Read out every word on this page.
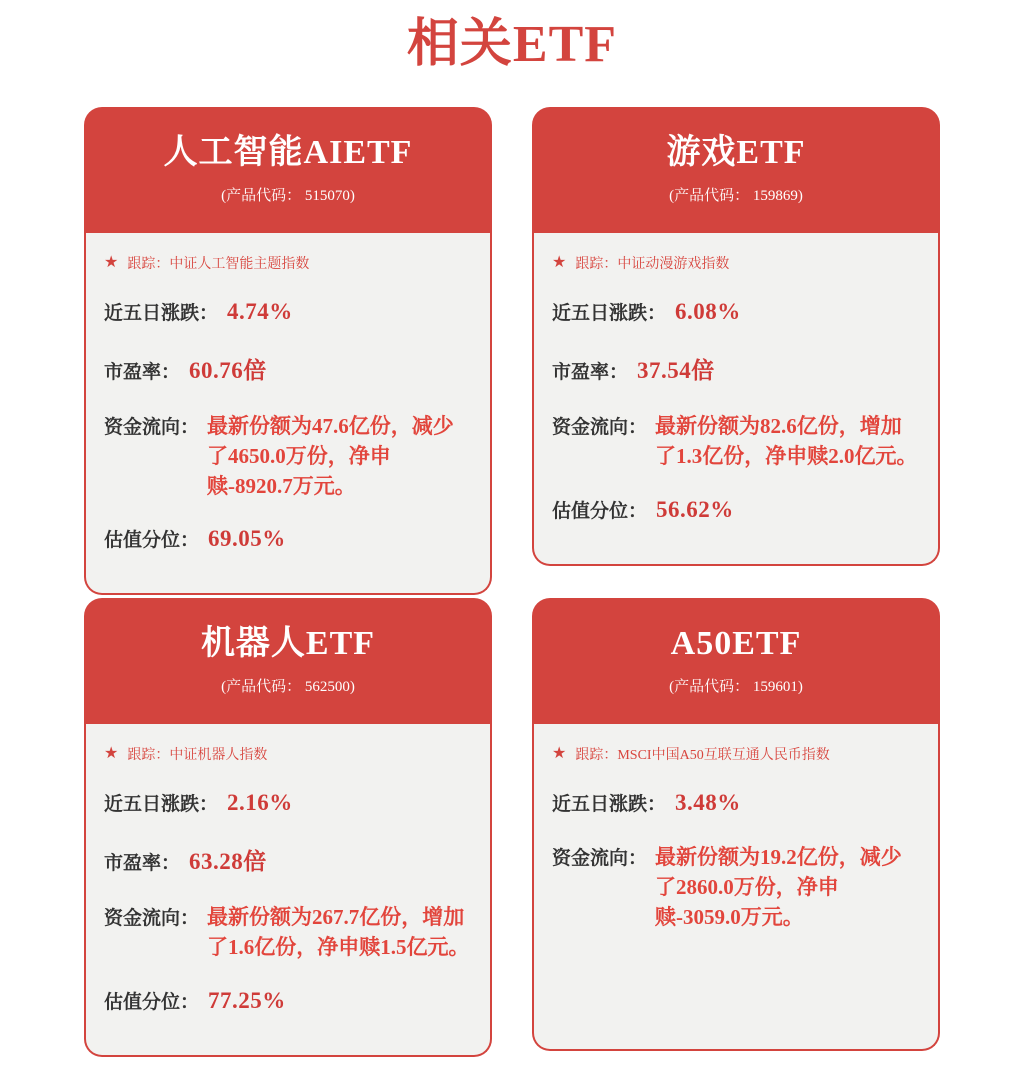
相关ETF
人工智能AIETF
(产品代码： 515070)
★ 跟踪： 中证人工智能主题指数
近五日涨跌： 4.74%
市盈率： 60.76倍
资金流向： 最新份额为47.6亿份，减少了4650.0万份，净申赎-8920.7万元。
估值分位： 69.05%
游戏ETF
(产品代码： 159869)
★ 跟踪： 中证动漫游戏指数
近五日涨跌： 6.08%
市盈率： 37.54倍
资金流向： 最新份额为82.6亿份，增加了1.3亿份，净申赎2.0亿元。
估值分位： 56.62%
机器人ETF
(产品代码： 562500)
★ 跟踪： 中证机器人指数
近五日涨跌： 2.16%
市盈率： 63.28倍
资金流向： 最新份额为267.7亿份，增加了1.6亿份，净申赎1.5亿元。
估值分位： 77.25%
A50ETF
(产品代码： 159601)
★ 跟踪： MSCI中国A50互联互通人民币指数
近五日涨跌： 3.48%
资金流向： 最新份额为19.2亿份，减少了2860.0万份，净申赎-3059.0万元。
